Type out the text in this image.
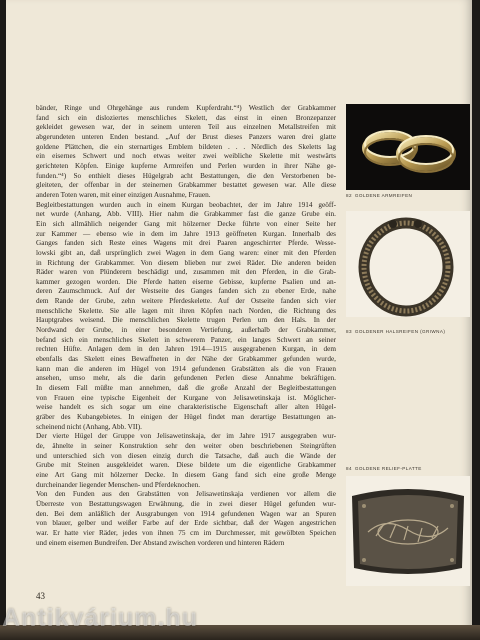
bänder, Ringe und Ohrgehänge aus rundem Kupferdraht.“⁴) Westlich der Grabkammer
fand sich ein disloziertes menschliches Skelett, das einst in einen Bronzepanzer
gekleidet gewesen war, der in seinem unteren Teil aus einzelnen Metallstreifen mit
abgerundeten unteren Enden bestand. „Auf der Brust dieses Panzers waren drei glatte
goldene Plättchen, die ein sternartiges Emblem bildeten . . . Nördlich des Skeletts lag
ein eisernes Schwert und noch etwas weiter zwei weibliche Skelette mit westwärts
gerichteten Köpfen. Einige kupferne Armreifen und Perlen wurden in ihrer Nähe ge-
funden.“⁴) So enthielt dieses Hügelgrab acht Bestattungen, die den Verstorbenen be-
gleiteten, der offenbar in der steinernen Grabkammer bestattet gewesen war. Alle diese
anderen Toten waren, mit einer einzigen Ausnahme, Frauen.
Begleitbestattungen wurden auch in einem Kurgan beobachtet, der im Jahre 1914 geöff-
net wurde (Anhang, Abb. VIII). Hier nahm die Grabkammer fast die ganze Grube ein.
Ein sich allmählich neigender Gang mit hölzerner Decke führte von einer Seite her
zur Kammer — ebenso wie in dem im Jahre 1913 geöffneten Kurgan. Innerhalb des
Ganges fanden sich Reste eines Wagens mit drei Paaren angeschirrter Pferde. Wesse-
lowski gibt an, daß ursprünglich zwei Wagen in dem Gang waren: einer mit den Pferden
in Richtung der Grabkammer. Von diesem blieben nur zwei Räder. Die anderen beiden
Räder waren von Plünderern beschädigt und, zusammen mit den Pferden, in die Grab-
kammer gezogen worden. Die Pferde hatten eiserne Gebisse, kupferne Psalien und an-
deren Zaumschmuck. Auf der Westseite des Ganges fanden sich zu ebener Erde, nahe
dem Rande der Grube, zehn weitere Pferdeskelette. Auf der Ostseite fanden sich vier
menschliche Skelette. Sie alle lagen mit ihren Köpfen nach Norden, die Richtung des
Hauptgrabes weisend. Die menschlichen Skelette trugen Perlen um den Hals. In der
Nordwand der Grube, in einer besonderen Vertiefung, außerhalb der Grabkammer,
befand sich ein menschliches Skelett in schwerem Panzer, ein langes Schwert an seiner
rechten Hüfte. Anlagen dem in den Jahren 1914—1915 ausgegrabenen Kurgan, in dem
ebenfalls das Skelett eines Bewaffneten in der Nähe der Grabkammer gefunden wurde,
kann man die anderen im Hügel von 1914 gefundenen Grabstätten als die von Frauen
ansehen, umso mehr, als die darin gefundenen Perlen diese Annahme bekräftigen.
In diesem Fall müßte man annehmen, daß die große Anzahl der Begleitbestattungen
von Frauen eine typische Eigenheit der Kurgane von Jelisawetinskaja ist. Möglicher-
weise handelt es sich sogar um eine charakteristische Eigenschaft aller alten Hügel-
gräber des Kubangebietes. In einigen der Hügel findet man derartige Bestattungen an-
scheinend nicht (Anhang, Abb. VII).
Der vierte Hügel der Gruppe von Jelisawetinskaja, der im Jahre 1917 ausgegraben wur-
de, ähnelte in seiner Konstruktion sehr den weiter oben beschriebenen Steingrüften
und unterschied sich von diesen einzig durch die Tatsache, daß auch die Wände der
Grube mit Steinen ausgekleidet waren. Diese bildete um die eigentliche Grabkammer
eine Art Gang mit hölzerner Decke. In diesem Gang fand sich eine große Menge
durcheinander liegender Menschen- und Pferdeknochen.
Von den Funden aus den Grabstätten von Jelisawetinskaja verdienen vor allem die
Überreste von Bestattungswagen Erwähnung, die in zwei dieser Hügel gefunden wur-
den. Bei dem anläßlich der Ausgrabungen von 1914 gefundenen Wagen war an Spuren
von blauer, gelber und weißer Farbe auf der Erde sichtbar, daß der Wagen angestrichen
war. Er hatte vier Räder, jedes von ihnen 75 cm im Durchmesser, mit gewölbten Speichen
und einem eisernen Bundreifen. Der Abstand zwischen vorderen und hinteren Rädern
43
82 GOLDENE ARMREIFEN
83 GOLDENER HALSREIFEN (GRIWNA)
84 GOLDENE RELIEF-PLATTE
Antikvárium.hu
